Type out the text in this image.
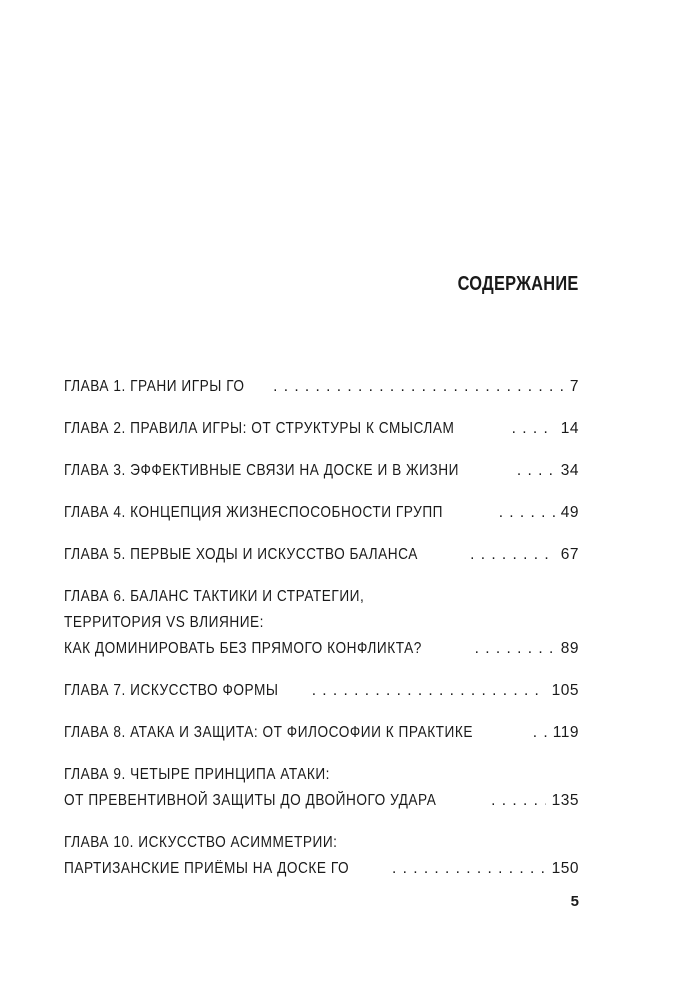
СОДЕРЖАНИЕ
ГЛАВА 1. ГРАНИ ИГРЫ ГО . . .	7
ГЛАВА 2. ПРАВИЛА ИГРЫ: ОТ СТРУКТУРЫ К СМЫСЛАМ . . .	14
ГЛАВА 3. ЭФФЕКТИВНЫЕ СВЯЗИ НА ДОСКЕ И В ЖИЗНИ . . .	34
ГЛАВА 4. КОНЦЕПЦИЯ ЖИЗНЕСПОСОБНОСТИ ГРУПП . . .	49
ГЛАВА 5. ПЕРВЫЕ ХОДЫ И ИСКУССТВО БАЛАНСА . . .	67
ГЛАВА 6. БАЛАНС ТАКТИКИ И СТРАТЕГИИ,
ТЕРРИТОРИЯ VS ВЛИЯНИЕ:
КАК ДОМИНИРОВАТЬ БЕЗ ПРЯМОГО КОНФЛИКТА? . . .	89
ГЛАВА 7. ИСКУССТВО ФОРМЫ . . .	105
ГЛАВА 8. АТАКА И ЗАЩИТА: ОТ ФИЛОСОФИИ К ПРАКТИКЕ . . .	119
ГЛАВА 9. ЧЕТЫРЕ ПРИНЦИПА АТАКИ:
ОТ ПРЕВЕНТИВНОЙ ЗАЩИТЫ ДО ДВОЙНОГО УДАРА . . .	135
ГЛАВА 10. ИСКУССТВО АСИММЕТРИИ:
ПАРТИЗАНСКИЕ ПРИЁМЫ НА ДОСКЕ ГО . . .	150
5
